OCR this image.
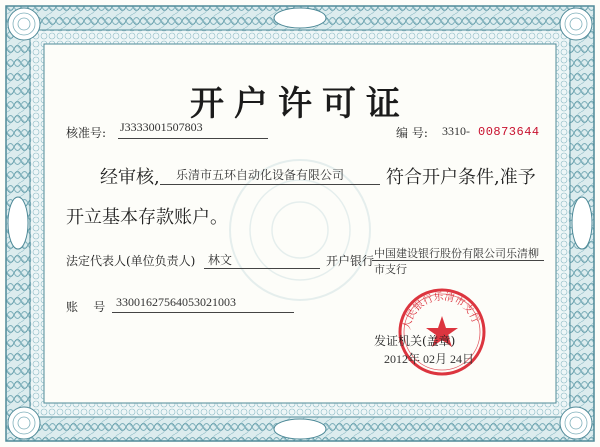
开户许可证
核准号: J3333001507803	编 号: 3310- 00873644
经审核, 乐清市五环自动化设备有限公司 符合开户条件,准予
开立基本存款账户。
法定代表人(单位负责人) 林文	开户银行 中国建设银行股份有限公司乐清柳
市支行
账    号 33001627564053021003
人民银行乐清市支行
发证机关(盖章)
2012年 02月 24日
